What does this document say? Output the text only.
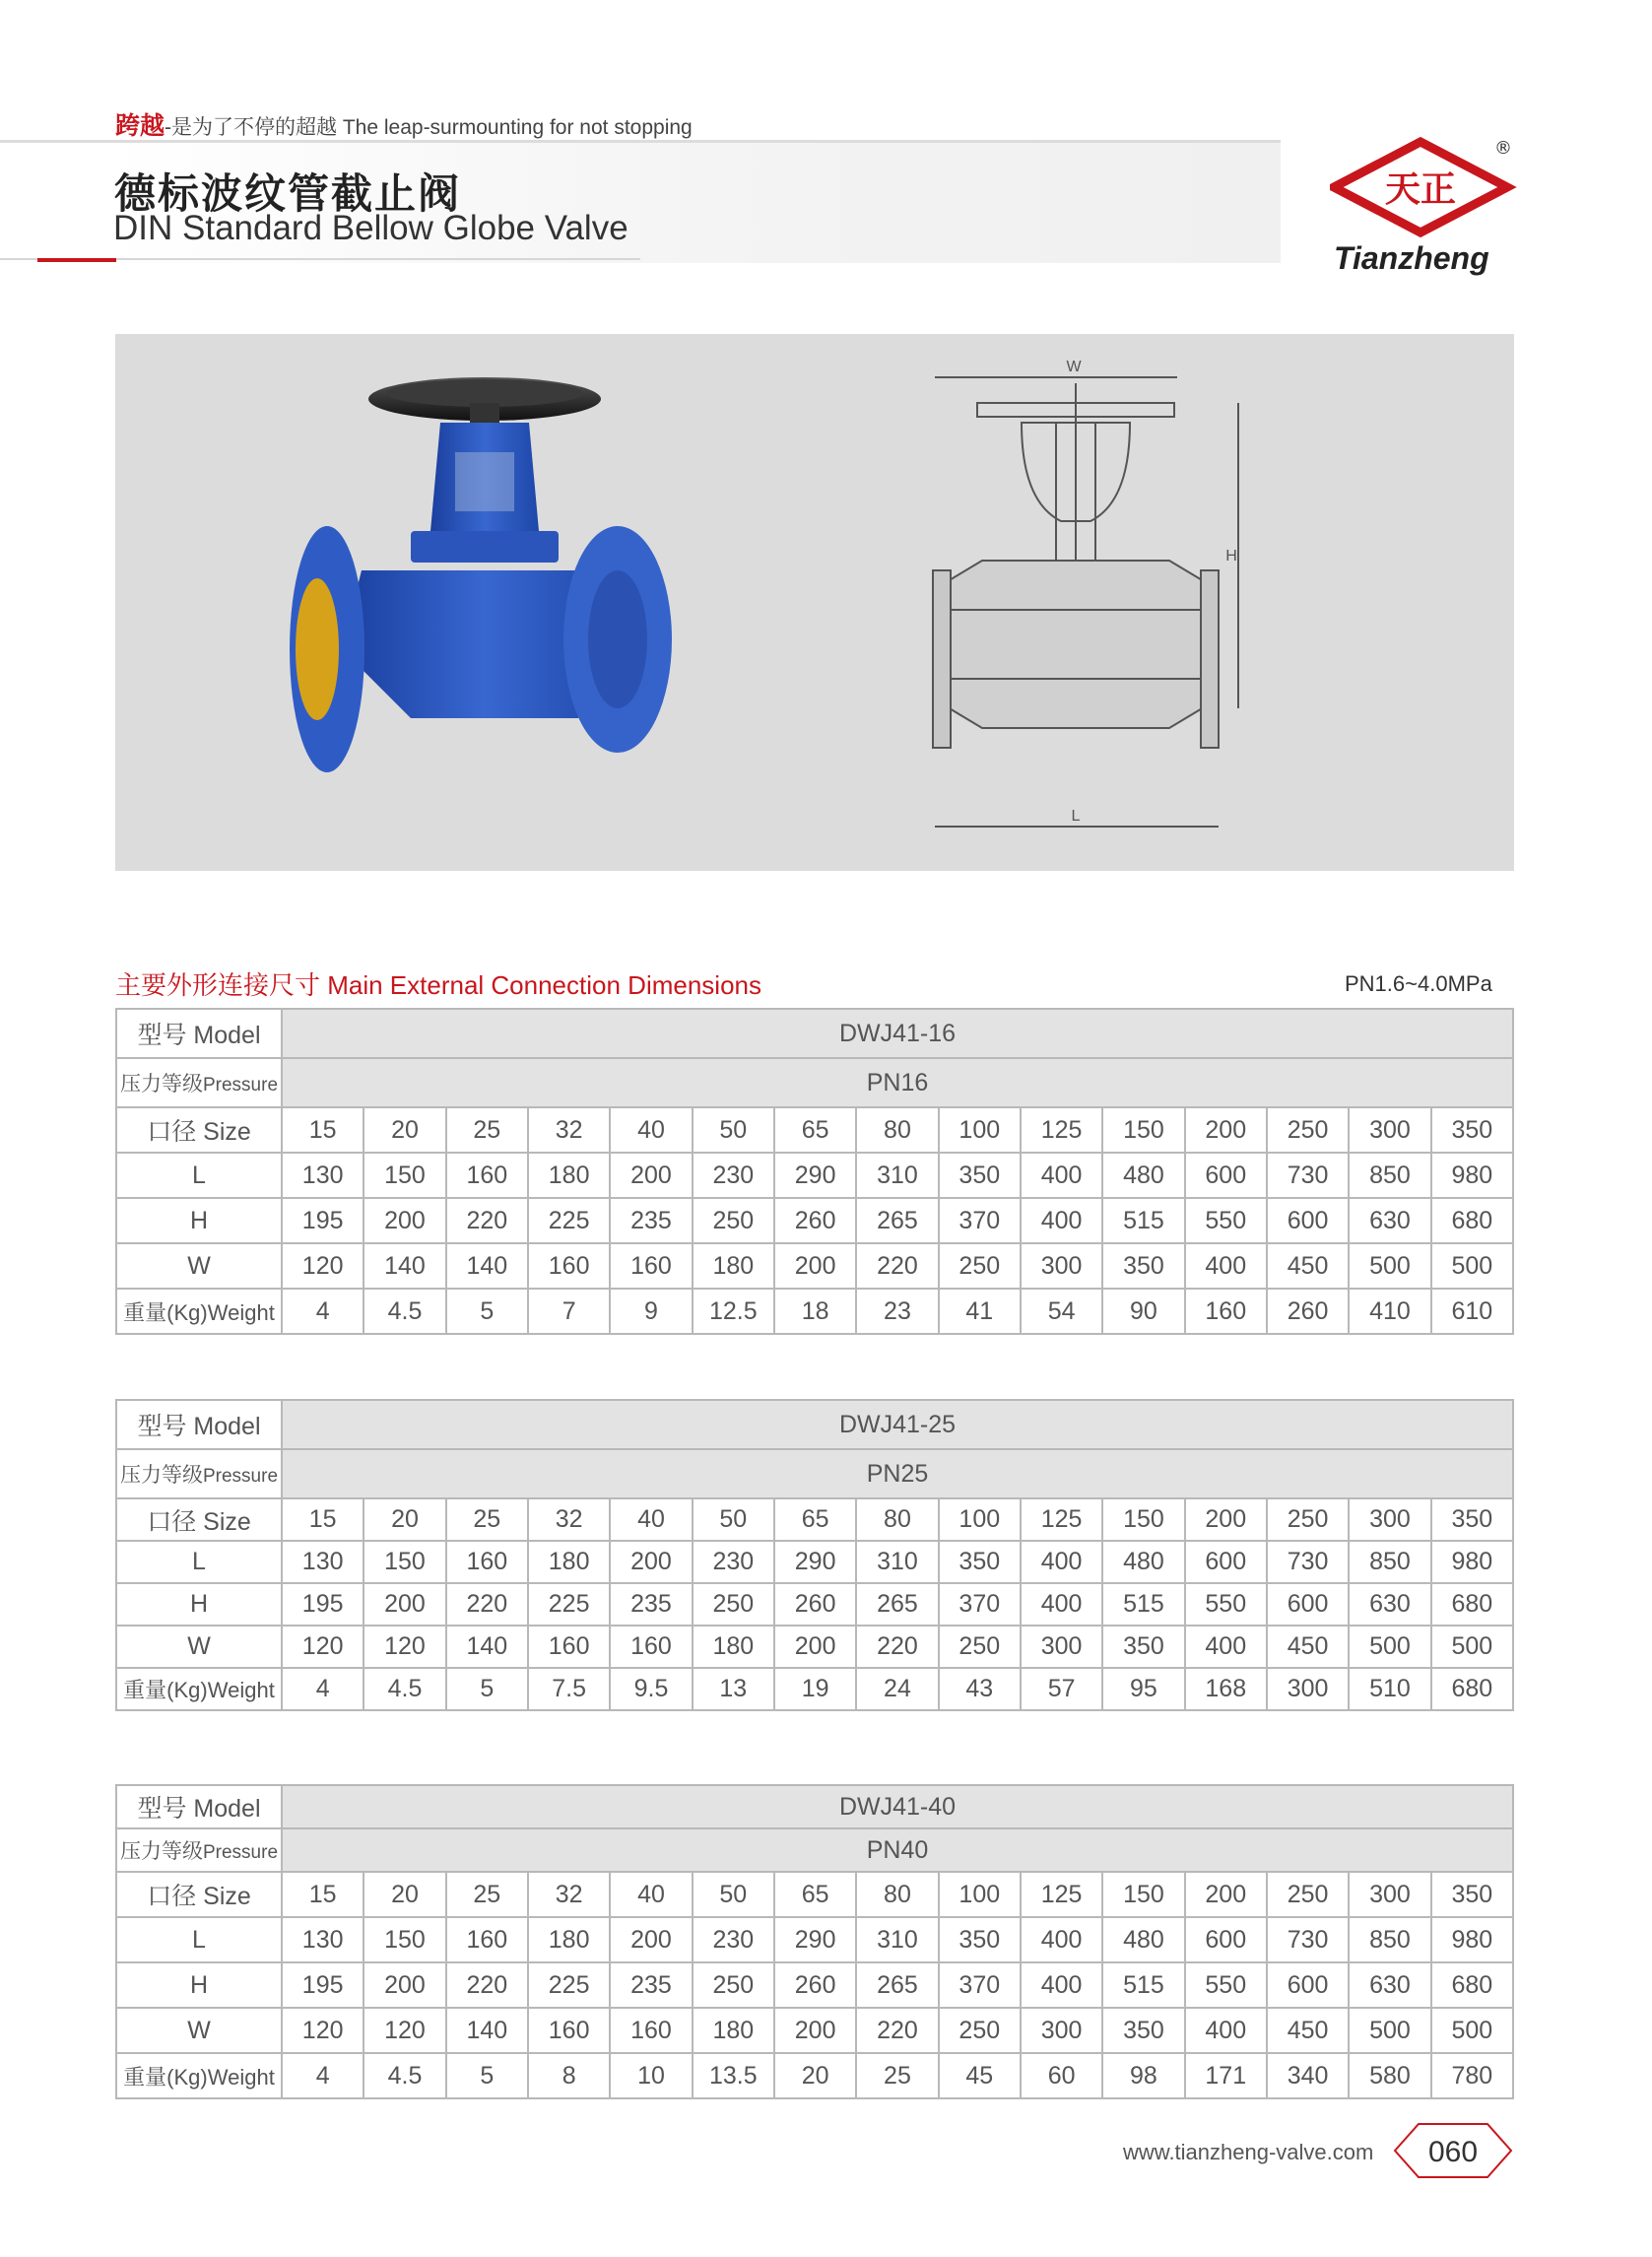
跨越-是为了不停的超越 The leap-surmounting for not stopping
德标波纹管截止阀
DIN Standard Bellow Globe Valve
天正
®
Tianzheng
W
H
L
主要外形连接尺寸 Main External Connection Dimensions	PN1.6~4.0MPa
型号 Model	DWJ41-16														
压力等级Pressure	PN16														
口径 Size	15	20	25	32	40	50	65	80	100	125	150	200	250	300	350
L	130	150	160	180	200	230	290	310	350	400	480	600	730	850	980
H	195	200	220	225	235	250	260	265	370	400	515	550	600	630	680
W	120	140	140	160	160	180	200	220	250	300	350	400	450	500	500
重量(Kg)Weight	4	4.5	5	7	9	12.5	18	23	41	54	90	160	260	410	610
型号 Model	DWJ41-25														
压力等级Pressure	PN25														
口径 Size	15	20	25	32	40	50	65	80	100	125	150	200	250	300	350
L	130	150	160	180	200	230	290	310	350	400	480	600	730	850	980
H	195	200	220	225	235	250	260	265	370	400	515	550	600	630	680
W	120	120	140	160	160	180	200	220	250	300	350	400	450	500	500
重量(Kg)Weight	4	4.5	5	7.5	9.5	13	19	24	43	57	95	168	300	510	680
型号 Model	DWJ41-40														
压力等级Pressure	PN40														
口径 Size	15	20	25	32	40	50	65	80	100	125	150	200	250	300	350
L	130	150	160	180	200	230	290	310	350	400	480	600	730	850	980
H	195	200	220	225	235	250	260	265	370	400	515	550	600	630	680
W	120	120	140	160	160	180	200	220	250	300	350	400	450	500	500
重量(Kg)Weight	4	4.5	5	8	10	13.5	20	25	45	60	98	171	340	580	780
www.tianzheng-valve.com 060
